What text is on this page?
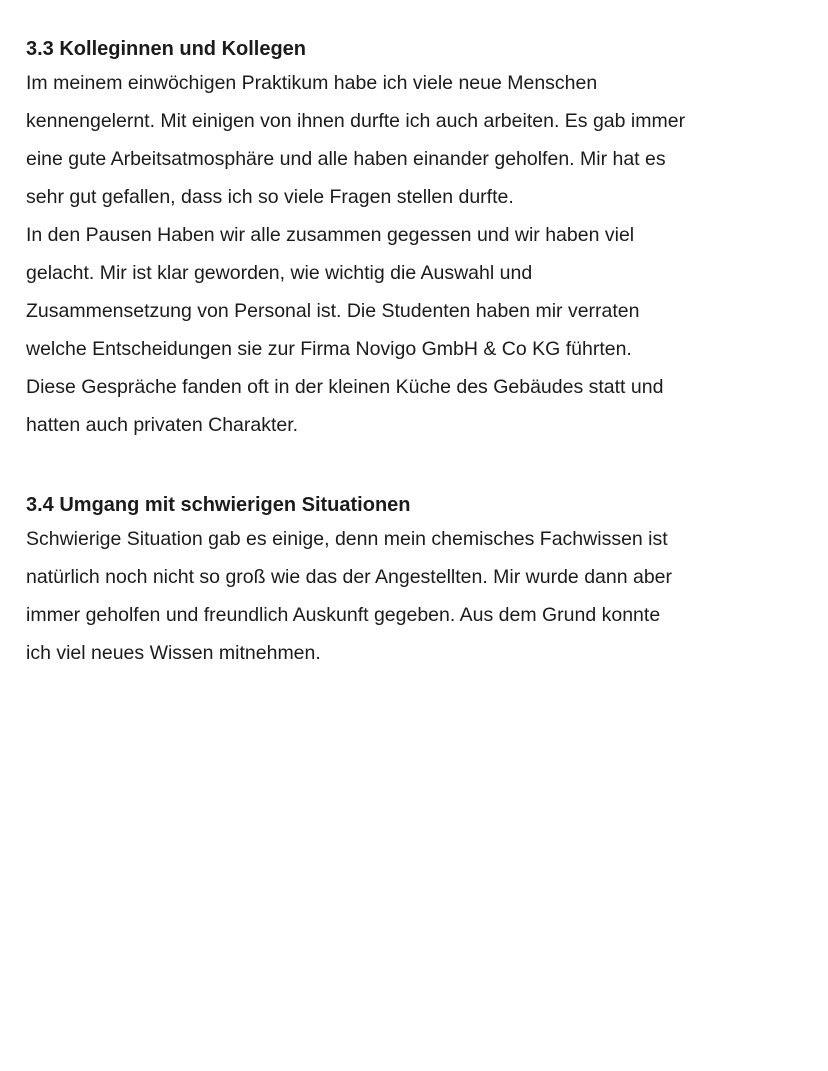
3.3 Kolleginnen und Kollegen

Im meinem einwöchigen Praktikum habe ich viele neue Menschen
kennengelernt. Mit einigen von ihnen durfte ich auch arbeiten. Es gab immer
eine gute Arbeitsatmosphäre und alle haben einander geholfen. Mir hat es
sehr gut gefallen, dass ich so viele Fragen stellen durfte.
In den Pausen Haben wir alle zusammen gegessen und wir haben viel
gelacht. Mir ist klar geworden, wie wichtig die Auswahl und
Zusammensetzung von Personal ist. Die Studenten haben mir verraten
welche Entscheidungen sie zur Firma Novigo GmbH & Co KG führten.
Diese Gespräche fanden oft in der kleinen Küche des Gebäudes statt und
hatten auch privaten Charakter.

3.4 Umgang mit schwierigen Situationen

Schwierige Situation gab es einige, denn mein chemisches Fachwissen ist
natürlich noch nicht so groß wie das der Angestellten. Mir wurde dann aber
immer geholfen und freundlich Auskunft gegeben. Aus dem Grund konnte
ich viel neues Wissen mitnehmen.
